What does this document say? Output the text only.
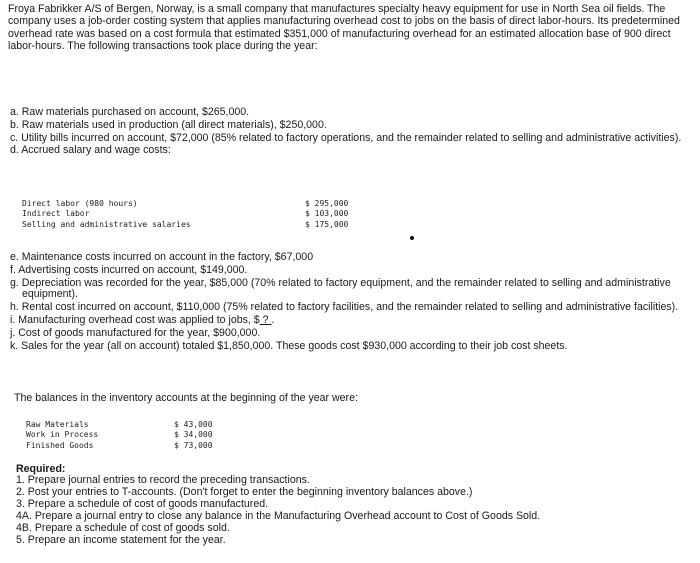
Froya Fabrikker A/S of Bergen, Norway, is a small company that manufactures specialty heavy equipment for use in North Sea oil fields. The company uses a job-order costing system that applies manufacturing overhead cost to jobs on the basis of direct labor-hours. Its predetermined overhead rate was based on a cost formula that estimated $351,000 of manufacturing overhead for an estimated allocation base of 900 direct labor-hours. The following transactions took place during the year:
a. Raw materials purchased on account, $265,000.
b. Raw materials used in production (all direct materials), $250,000.
c. Utility bills incurred on account, $72,000 (85% related to factory operations, and the remainder related to selling and administrative activities).
d. Accrued salary and wage costs:
Direct labor (980 hours)	$ 295,000
Indirect labor	$ 103,000
Selling and administrative salaries	$ 175,000
e. Maintenance costs incurred on account in the factory, $67,000
f. Advertising costs incurred on account, $149,000.
g. Depreciation was recorded for the year, $85,000 (70% related to factory equipment, and the remainder related to selling and administrative equipment).
h. Rental cost incurred on account, $110,000 (75% related to factory facilities, and the remainder related to selling and administrative facilities).
i. Manufacturing overhead cost was applied to jobs, $ ? .
j. Cost of goods manufactured for the year, $900,000.
k. Sales for the year (all on account) totaled $1,850,000. These goods cost $930,000 according to their job cost sheets.
The balances in the inventory accounts at the beginning of the year were:
Raw Materials	$ 43,000
Work in Process	$ 34,000
Finished Goods	$ 73,000
Required:
1. Prepare journal entries to record the preceding transactions.
2. Post your entries to T-accounts. (Don't forget to enter the beginning inventory balances above.)
3. Prepare a schedule of cost of goods manufactured.
4A. Prepare a journal entry to close any balance in the Manufacturing Overhead account to Cost of Goods Sold.
4B. Prepare a schedule of cost of goods sold.
5. Prepare an income statement for the year.
